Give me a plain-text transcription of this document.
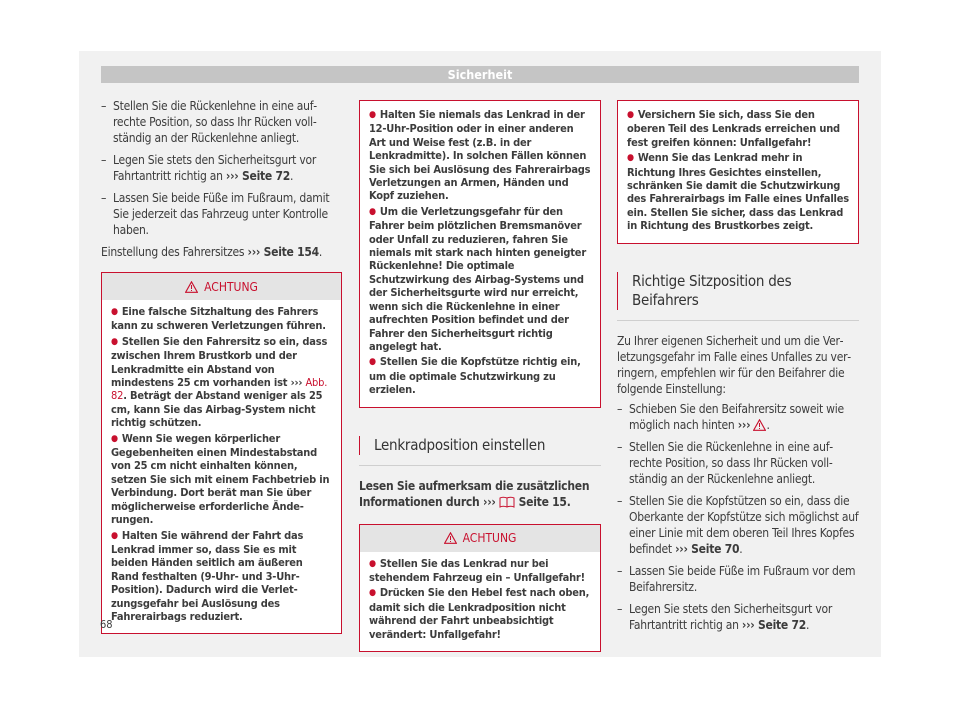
Sicherheit
– Stellen Sie die Rückenlehne in eine aufrechte Position, so dass Ihr Rücken vollständig an der Rückenlehne anliegt.
– Legen Sie stets den Sicherheitsgurt vor Fahrtantritt richtig an ››› Seite 72.
– Lassen Sie beide Füße im Fußraum, damit Sie jederzeit das Fahrzeug unter Kontrolle haben.
Einstellung des Fahrersitzes ››› Seite 154.
ACHTUNG
● Eine falsche Sitzhaltung des Fahrers kann zu schweren Verletzungen führen.
● Stellen Sie den Fahrersitz so ein, dass zwischen Ihrem Brustkorb und der Lenkradmitte ein Abstand von mindestens 25 cm vorhanden ist ››› Abb. 82. Beträgt der Abstand weniger als 25 cm, kann Sie das Airbag-System nicht richtig schützen.
● Wenn Sie wegen körperlicher Gegebenheiten einen Mindestabstand von 25 cm nicht einhalten können, setzen Sie sich mit einem Fachbetrieb in Verbindung. Dort berät man Sie über möglicherweise erforderliche Änderungen.
● Halten Sie während der Fahrt das Lenkrad immer so, dass Sie es mit beiden Händen seitlich am äußeren Rand festhalten (9-Uhr- und 3-Uhr-Position). Dadurch wird die Verletzungsgefahr bei Auslösung des Fahrerairbags reduziert.
● Halten Sie niemals das Lenkrad in der 12-Uhr-Position oder in einer anderen Art und Weise fest (z.B. in der Lenkradmitte). In solchen Fällen können Sie sich bei Auslösung des Fahrerairbags Verletzungen an Armen, Händen und Kopf zuziehen.
● Um die Verletzungsgefahr für den Fahrer beim plötzlichen Bremsmanöver oder Unfall zu reduzieren, fahren Sie niemals mit stark nach hinten geneigter Rückenlehne! Die optimale Schutzwirkung des Airbag-Systems und der Sicherheitsgurte wird nur erreicht, wenn sich die Rückenlehne in einer aufrechten Position befindet und der Fahrer den Sicherheitsgurt richtig angelegt hat.
● Stellen Sie die Kopfstütze richtig ein, um die optimale Schutzwirkung zu erzielen.
Lenkradposition einstellen
Lesen Sie aufmerksam die zusätzlichen Informationen durch ››› Seite 15.
ACHTUNG
● Stellen Sie das Lenkrad nur bei stehendem Fahrzeug ein – Unfallgefahr!
● Drücken Sie den Hebel fest nach oben, damit sich die Lenkradposition nicht während der Fahrt unbeabsichtigt verändert: Unfallgefahr!
● Versichern Sie sich, dass Sie den oberen Teil des Lenkrads erreichen und fest greifen können: Unfallgefahr!
● Wenn Sie das Lenkrad mehr in Richtung Ihres Gesichtes einstellen, schränken Sie damit die Schutzwirkung des Fahrerairbags im Falle eines Unfalles ein. Stellen Sie sicher, dass das Lenkrad in Richtung des Brustkorbes zeigt.
Richtige Sitzposition des Beifahrers
Zu Ihrer eigenen Sicherheit und um die Verletzungsgefahr im Falle eines Unfalles zu verringern, empfehlen wir für den Beifahrer die folgende Einstellung:
– Schieben Sie den Beifahrersitz soweit wie möglich nach hinten ››› .
– Stellen Sie die Rückenlehne in eine aufrechte Position, so dass Ihr Rücken vollständig an der Rückenlehne anliegt.
– Stellen Sie die Kopfstützen so ein, dass die Oberkante der Kopfstütze sich möglichst auf einer Linie mit dem oberen Teil Ihres Kopfes befindet ››› Seite 70.
– Lassen Sie beide Füße im Fußraum vor dem Beifahrersitz.
– Legen Sie stets den Sicherheitsgurt vor Fahrtantritt richtig an ››› Seite 72.
68
